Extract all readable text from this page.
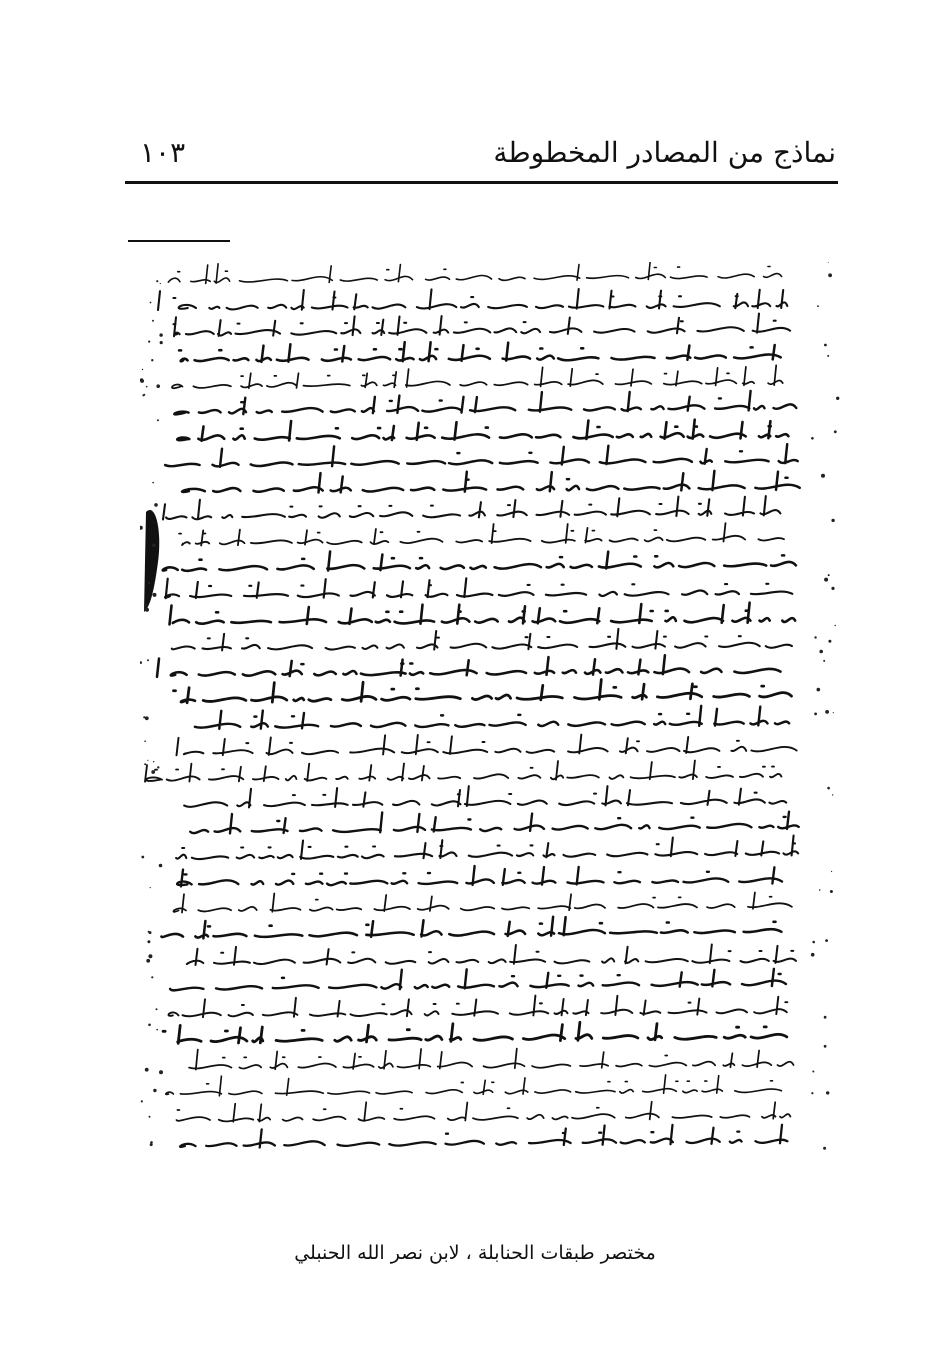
نماذج من المصادر المخطوطة
١٠٣
مختصر طبقات الحنابلة ، لابن نصر الله الحنبلي
